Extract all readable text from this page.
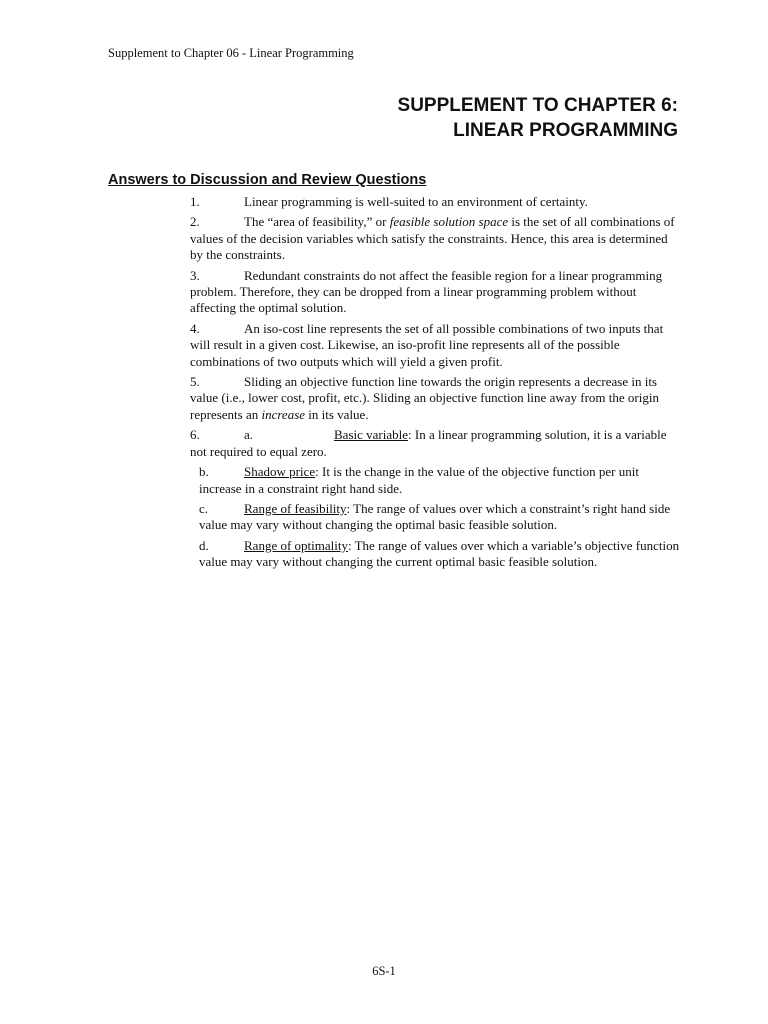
Supplement to Chapter 06 - Linear Programming
SUPPLEMENT TO CHAPTER 6:
LINEAR PROGRAMMING
Answers to Discussion and Review Questions

1.	Linear programming is well-suited to an environment of certainty.

2.	The “area of feasibility,” or feasible solution space is the set of all combinations of values of the decision variables which satisfy the constraints. Hence, this area is determined by the constraints.

3.	Redundant constraints do not affect the feasible region for a linear programming problem. Therefore, they can be dropped from a linear programming problem without affecting the optimal solution.

4.	An iso-cost line represents the set of all possible combinations of two inputs that will result in a given cost. Likewise, an iso-profit line represents all of the possible combinations of two outputs which will yield a given profit.

5.	Sliding an objective function line towards the origin represents a decrease in its value (i.e., lower cost, profit, etc.). Sliding an objective function line away from the origin represents an increase in its value.

6.	a.	Basic variable: In a linear programming solution, it is a variable not required to equal zero.

b.	Shadow price: It is the change in the value of the objective function per unit increase in a constraint right hand side.

c.	Range of feasibility: The range of values over which a constraint’s right hand side value may vary without changing the optimal basic feasible solution.

d.	Range of optimality: The range of values over which a variable’s objective function value may vary without changing the current optimal basic feasible solution.

6S-1
